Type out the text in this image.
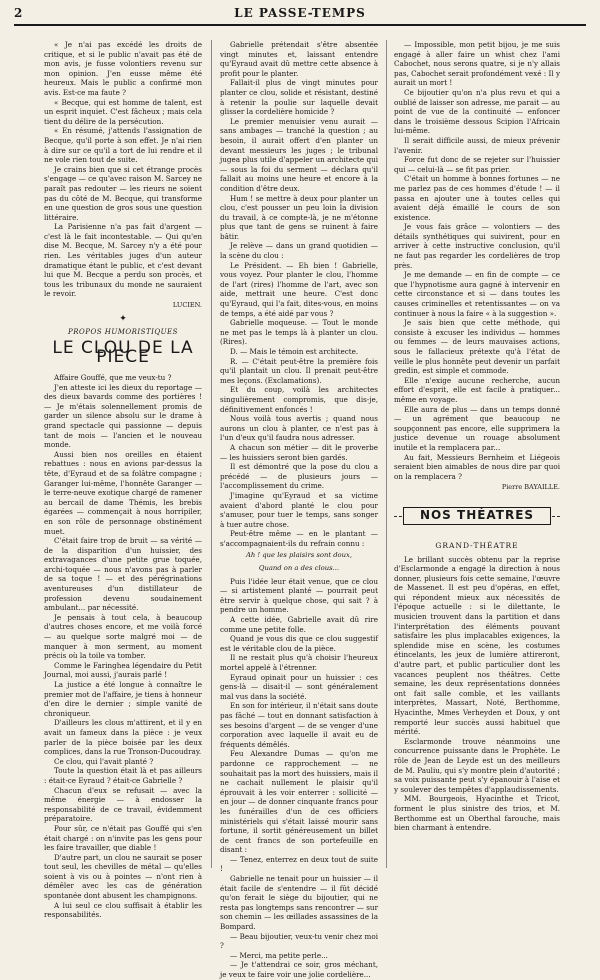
2	LE PASSE-TEMPS

« Je n'ai pas excédé les droits de critique, et si le public n'avait pas été de mon avis, je fusse volontiers revenu sur mon opinion. J'en eusse même été heureux. Mais le public a confirmé mon avis. Est-ce ma faute ?

« Becque, qui est homme de talent, est un esprit inquiet. C'est fâcheux ; mais cela tient du délire de la persécution.

« En résumé, j'attends l'assignation de Becque, qu'il porte à son effet. Je n'ai rien à dire sur ce qu'il a tort de lui rendre et il ne vole rien tout de suite.

Je crains bien que si cet étrange procès s'engage — ce qu'avec raison M. Sarcey ne paraît pas redouter — les rieurs ne soient pas du côté de M. Becque, qui transforme en une question de gros sous une question littéraire.

La Parisienne n'a pas fait d'argent — c'est là le fait incontestable. — Qui qu'en dise M. Becque, M. Sarcey n'y a été pour rien. Les véritables juges d'un auteur dramatique étant le public, et c'est devant lui que M. Becque a perdu son procès, et tous les tribunaux du monde ne sauraient le revoir.

LUCIEN.
✦
PROPOS HUMORISTIQUES
LE CLOU DE LA PIECE

Affaire Gouffé, que me veux-tu ?

J'en atteste ici les dieux du reportage — des dieux bavards comme des portières ! — Je m'étais solennellement promis de garder un silence absolu sur le drame à grand spectacle qui passionne — depuis tant de mois — l'ancien et le nouveau monde.

Aussi bien nos oreilles en étaient rebattues : nous en avions par-dessus la tête, d'Eyraud et de sa folâtre compagne ; Garanger lui-même, l'honnête Garanger — le terre-neuve exotique chargé de ramener au bercail de dame Thémis, les brebis égarées — commençait à nous horripiler, en son rôle de personnage obstinément muet.

C'était faire trop de bruit — sa vérité — de la disparition d'un huissier, des extravagances d'une petite grue toquée, archi-toquée — nous n'avons pas à parler de sa toque ! — et des pérégrinations aventureuses d'un distillateur de profession devenu soudainement ambulant... par nécessité.

Je pensais à tout cela, à beaucoup d'autres choses encore, et me voilà forcé — au quelque sorte malgré moi — de manquer à mon serment, au moment précis où la toile va tomber.

Comme le Faringhea légendaire du Petit Journal, moi aussi, j'aurais parlé !

La justice a été longue à connaître le premier mot de l'affaire, je tiens à honneur d'en dire le dernier ; simple vanité de chroniqueur.

D'ailleurs les clous m'attirent, et il y en avait un fameux dans la pièce : je veux parler de la pièce boisée par les deux complices, dans la rue Tronson-Ducoudray.

Ce clou, qui l'avait planté ?

Toute la question était là et pas ailleurs : était-ce Eyraud ? était-ce Gabrielle ?

Chacun d'eux se refusait — avec la même énergie — à endosser la responsabilité de ce travail, évidemment préparatoire.

Pour sûr, ce n'était pas Gouffé qui s'en était chargé : on n'invite pas les gens pour les faire travailler, que diable !

D'autre part, un clou ne saurait se poser tout seul, les chevilles de métal — qu'elles soient à vis ou à pointes — n'ont rien à démêler avec les cas de génération spontanée dont abusent les champignons.

A lui seul ce clou suffisait à établir les responsabilités.

Gabrielle prétendait s'être absentée vingt minutes et, laissant entendre qu'Eyraud avait dû mettre cette absence à profit pour le planter.

Fallait-il plus de vingt minutes pour planter ce clou, solide et résistant, destiné à retenir la poulie sur laquelle devait glisser la cordelière homicide ?

Le premier menuisier venu aurait — sans ambages — tranché la question ; au besoin, il aurait offert d'en planter un devant messieurs les juges ; le tribunal jugea plus utile d'appeler un architecte qui — sous la foi du serment — déclara qu'il fallait au moins une heure et encore à la condition d'être deux.

Hum ! se mettre à deux pour planter un clou, c'est pousser un peu loin la division du travail, à ce compte-là, je ne m'étonne plus que tant de gens se ruinent à faire bâtir.

Je relève — dans un grand quotidien — la scène du clou :

Le Président. — Eh bien ! Gabrielle, vous voyez. Pour planter le clou, l'homme de l'art (rires) l'homme de l'art, avec son aide, mettrait une heure. C'est donc qu'Eyraud, qui l'a fait, dites-vous, en moins de temps, a été aidé par vous ?

Gabrielle moqueuse. — Tout le monde ne met pas le temps là à planter un clou. (Rires).

D. — Mais le témoin est architecte.

R. — C'était peut-être la première fois qu'il plantait un clou. Il prenait peut-être mes leçons. (Exclamations).

Et du coup, voilà les architectes singulièrement compromis, que dis-je, définitivement enfoncés !

Nous voilà tous avertis ; quand nous aurons un clou à planter, ce n'est pas à l'un d'eux qu'il faudra nous adresser.

A chacun son métier — dit le proverbe — les huissiers seront bien gardés.

Il est démontré que la pose du clou a précédé — de plusieurs jours — l'accomplissement du crime.

J'imagine qu'Eyraud et sa victime avaient d'abord planté le clou pour s'amuser, pour tuer le temps, sans songer à tuer autre chose.

Peut-être même — en le plantant — s'accompagnaient-ils du refrain connu :

Ah ! que les plaisirs sont doux,
Quand on a des clous...

Puis l'idée leur était venue, que ce clou — si artistement planté — pourrait peut être servir à quelque chose, qui sait ? à pendre un homme.

A cette idée, Gabrielle avait dû rire comme une petite folle.

Quand je vous dis que ce clou suggestif est le véritable clou de la pièce.

Il ne restait plus qu'à choisir l'heureux mortel appelé à l'étrenner.

Eyraud opinait pour un huissier : ces gens-là — disait-il — sont généralement mal vus dans la société.

En son for intérieur, il n'était sans doute pas fâché — tout en donnant satisfaction à ses besoins d'argent — de se venger d'une corporation avec laquelle il avait eu de fréquents démêlés.

Feu Alexandre Dumas — qu'on me pardonne ce rapprochement — ne souhaitait pas la mort des huissiers, mais il ne cachait nullement le plaisir qu'il éprouvait à les voir enterrer : sollicité — en jour — de donner cinquante francs pour les funérailles d'un de ces officiers ministériels qui s'était laissé mourir sans fortune, il sortit généreusement un billet de cent francs de son portefeuille en disant :

— Tenez, enterrez en deux tout de suite !

Gabrielle ne tenait pour un huissier — il était facile de s'entendre — il fût décidé qu'on ferait le siège du bijoutier, qui ne resta pas longtemps sans rencontrer — sur son chemin — les œillades assassines de la Bompard.

— Beau bijoutier, veux-tu venir chez moi ?

— Merci, ma petite perle...

— Je t'attendrai ce soir, gros méchant, je veux te faire voir une jolie cordelière...

— Impossible, mon petit bijou, je me suis engagé à aller faire un whist chez l'ami Cabochet, nous serons quatre, si je n'y allais pas, Cabochet serait profondément vexé : Il y aurait un mort !

Ce bijoutier qu'on n'a plus revu et qui a oublié de laisser son adresse, me parait — au point de vue de la continuité — enfoncer dans le troisième dessous Scipion l'Africain lui-même.

Il serait difficile aussi, de mieux prévenir l'avenir.

Force fut donc de se rejeter sur l'huissier qui — celui-là — se fit pas prier.

C'était un homme à bonnes fortunes — ne me parlez pas de ces hommes d'étude ! — il passa en ajouter une à toutes celles qui avaient déjà émaillé le cours de son existence.

Je vous fais grâce — volontiers — des détails synthétiques qui suivirent, pour en arriver à cette instructive conclusion, qu'il ne faut pas regarder les cordelières de trop près.

Je me demande — en fin de compte — ce que l'hypnotisme aura gagné à intervenir en cette circonstance et si — dans toutes les causes criminelles et retentissantes — on va continuer à nous la faire « à la suggestion ».

Je sais bien que cette méthode, qui consiste à excuser les individus — hommes ou femmes — de leurs mauvaises actions, sous le fallacieux prétexte qu'à l'état de veille le plus honnête peut devenir un parfait gredin, est simple et commode.

Elle n'exige aucune recherche, aucun effort d'esprit, elle est facile à pratiquer... même en voyage.

Elle aura de plus — dans un temps donné — un agrément que beaucoup ne soupçonnent pas encore, elle supprimera la justice devenue un rouage absolument inutile et la remplacera par...

Au fait, Messieurs Bernheim et Liégeois seraient bien aimables de nous dire par quoi on la remplacera ?

Pierre BAYAILLE.
NOS THÉATRES
GRAND-THÉATRE

Le brillant succès obtenu par la reprise d'Esclarmonde a engagé la direction à nous donner, plusieurs fois cette semaine, l'œuvre de Massenet. Il est peu d'opéras, en effet, qui répondent mieux aux nécessités de l'époque actuelle : si le dilettante, le musicien trouvent dans la partition et dans l'interprétation des éléments pouvant satisfaire les plus implacables exigences, la splendide mise en scène, les costumes étincelants, les jeux de lumière attireront, d'autre part, et public particulier dont les vacances peuplent nos théâtres. Cette semaine, les deux représentations données ont fait salle comble, et les vaillants interprètes, Massart, Noté, Berthomme, Hyacinthe, Mmes Verheyden et Doux, y ont remporté leur succès aussi habituel que mérité.

Esclarmonde trouve néanmoins une concurrence puissante dans le Prophète. Le rôle de Jean de Leyde est un des meilleurs de M. Pauliu, qui s'y montre plein d'autorité ; sa voix puissante peut s'y épanouir à l'aise et y soulever des tempêtes d'applaudissements.

MM. Bourgeois, Hyacinthe et Tricot, forment le plus sinistre des trios, et M. Berthomme est un Oberthal farouche, mais bien charmant à entendre.
